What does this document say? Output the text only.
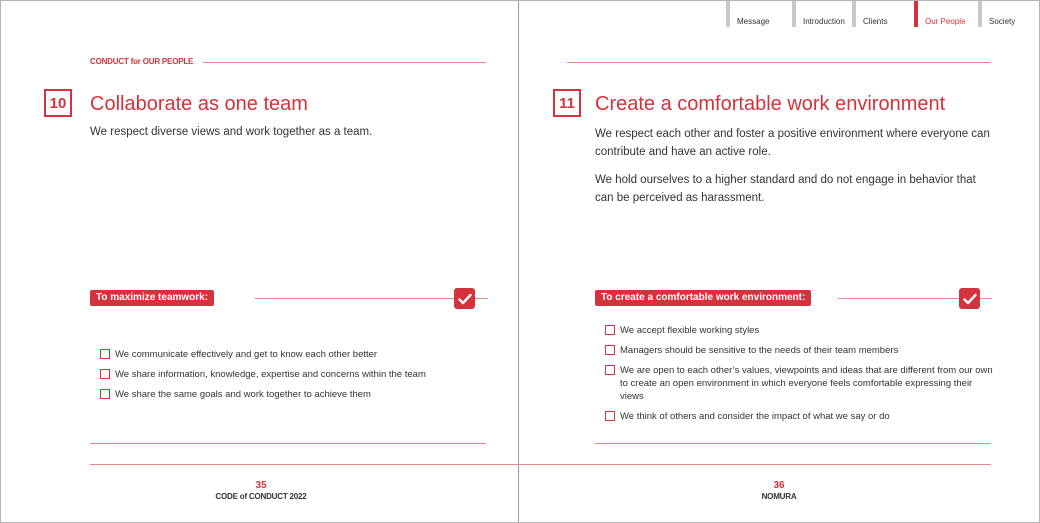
Message	Introduction	Clients	Our People	Society
CONDUCT for OUR PEOPLE
10 Collaborate as one team
We respect diverse views and work together as a team.
To maximize teamwork:
We communicate effectively and get to know each other better
We share information, knowledge, expertise and concerns within the team
We share the same goals and work together to achieve them
35
CODE of CONDUCT 2022
11	Create a comfortable work environment
We respect each other and foster a positive environment where everyone can contribute and have an active role.
We hold ourselves to a higher standard and do not engage in behavior that can be perceived as harassment.
To create a comfortable work environment:
We accept flexible working styles
Managers should be sensitive to the needs of their team members
We are open to each other’s values, viewpoints and ideas that are different from our own to create an open environment in which everyone feels comfortable expressing their views
We think of others and consider the impact of what we say or do
36
NOMURA
